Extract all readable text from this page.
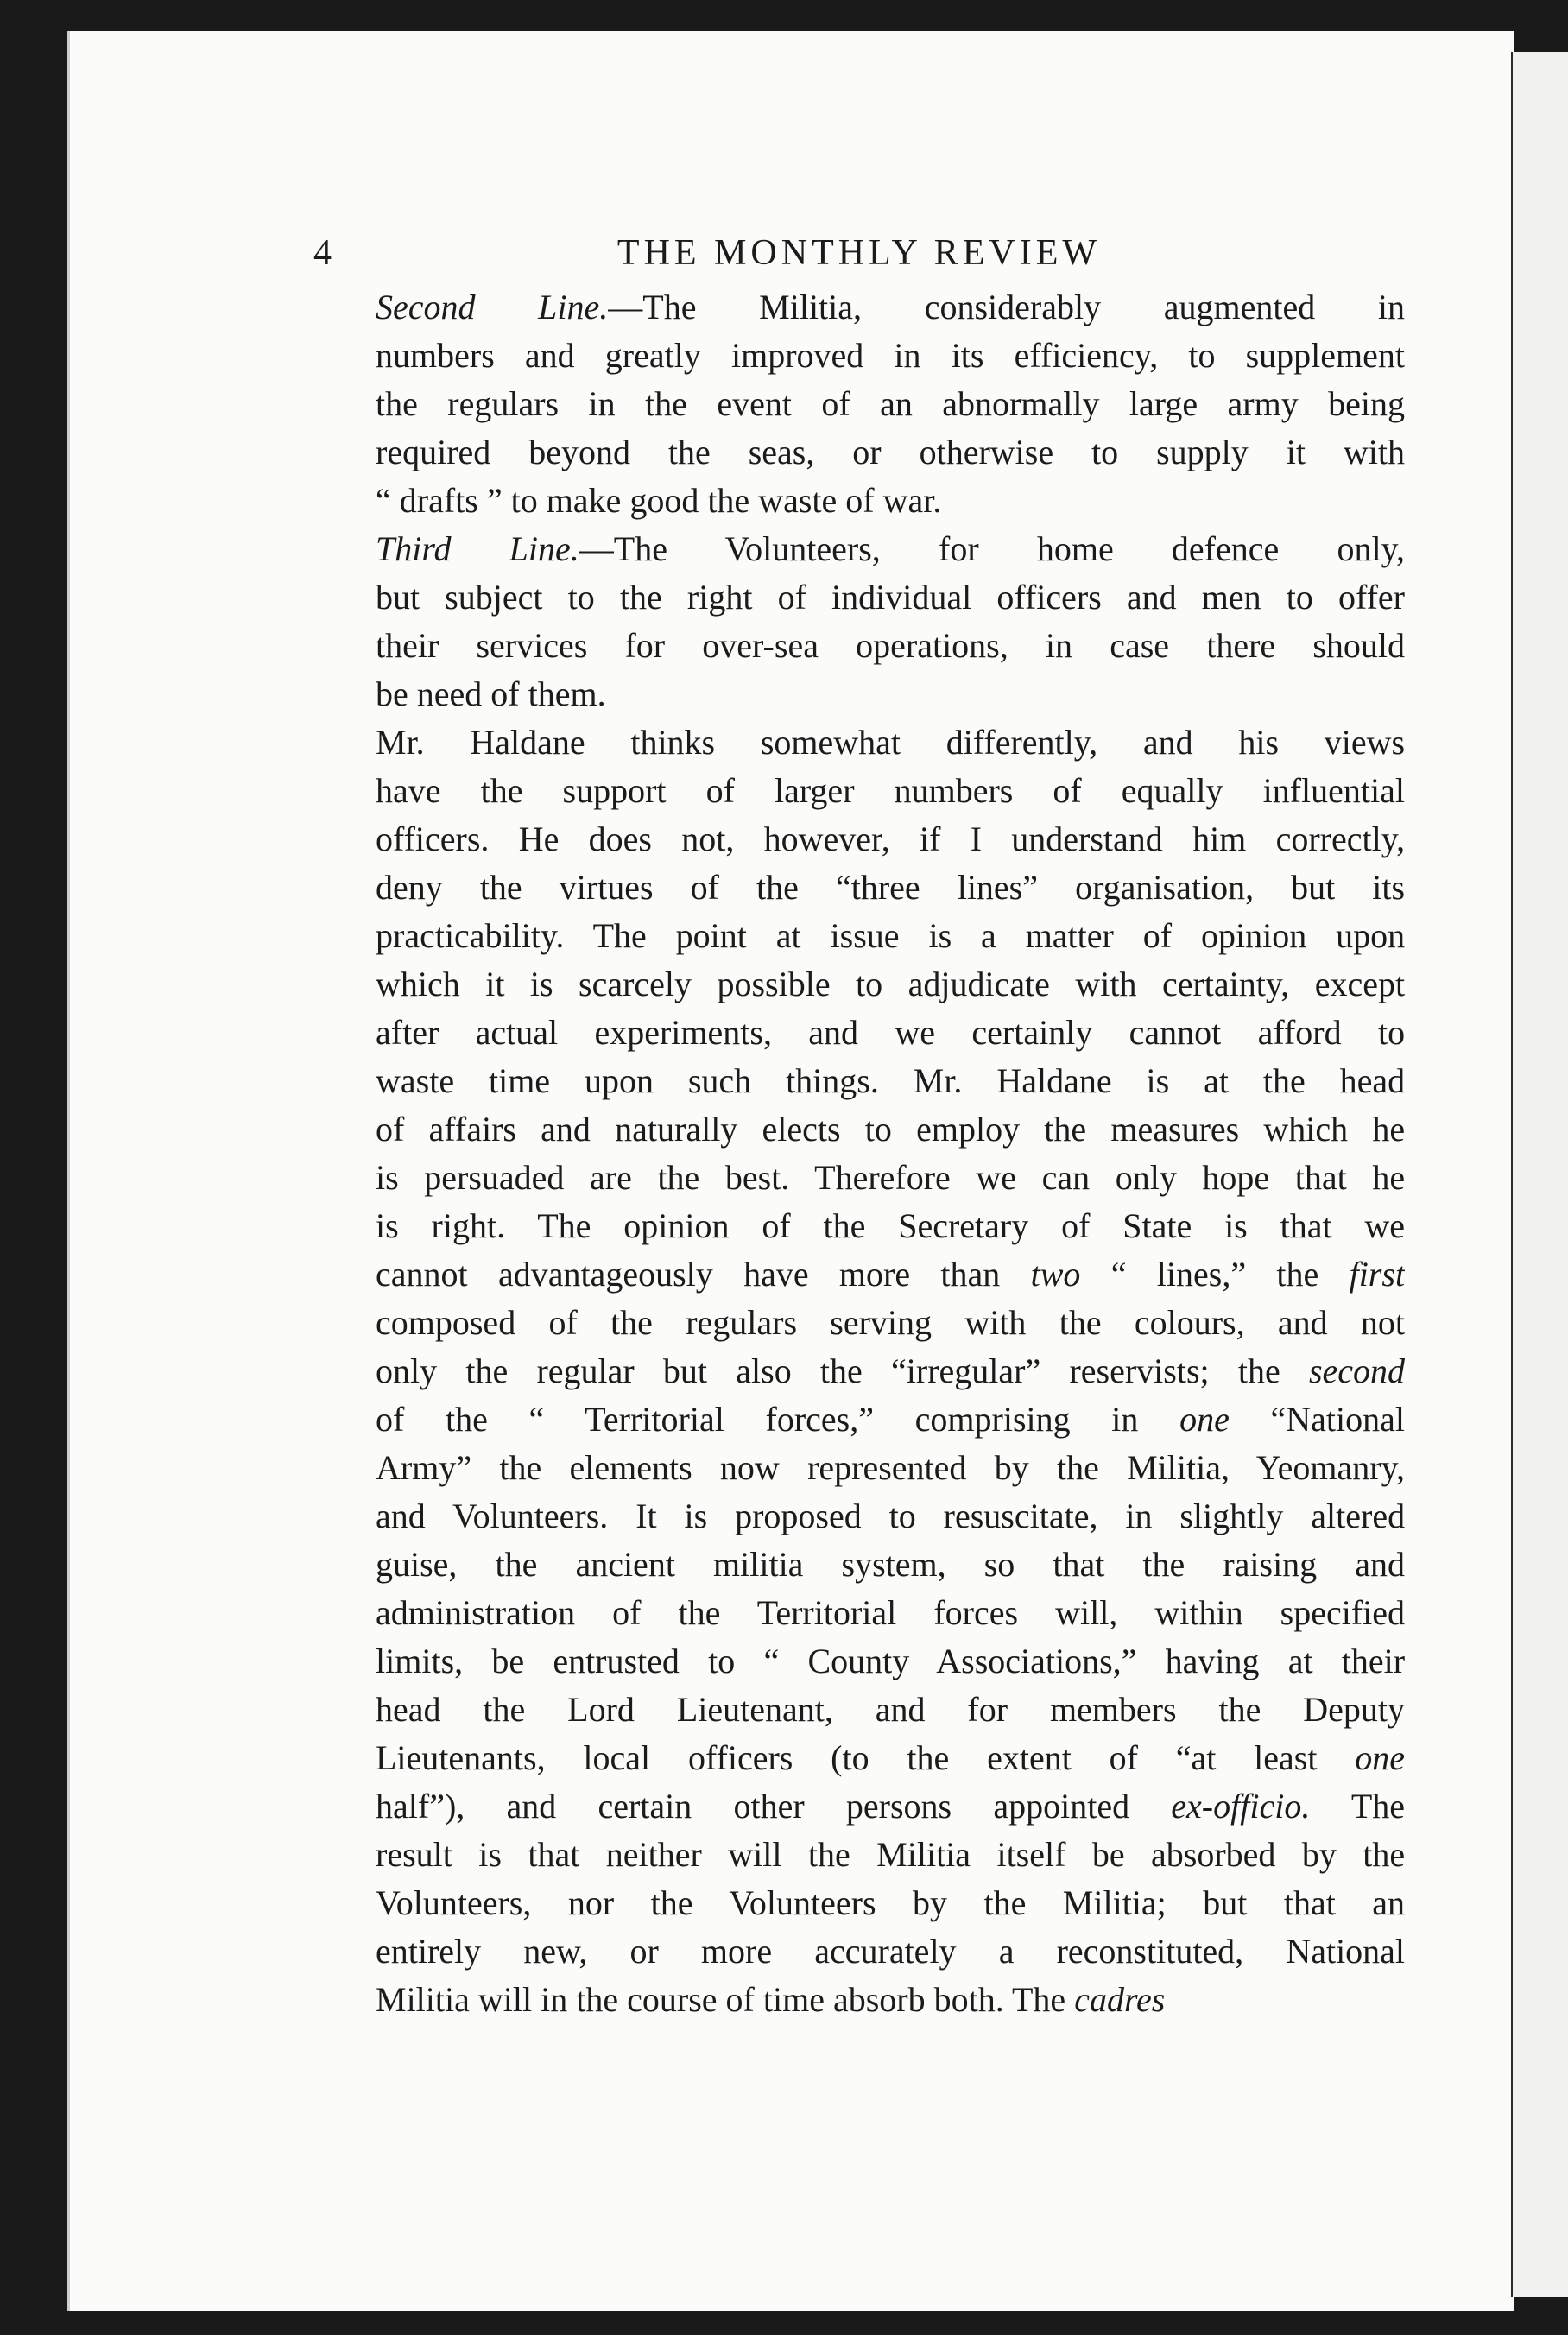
4	THE MONTHLY REVIEW
Second Line.—The Militia, considerably augmented in
numbers and greatly improved in its efficiency, to supplement
the regulars in the event of an abnormally large army being
required beyond the seas, or otherwise to supply it with
“ drafts ” to make good the waste of war.
Third Line.—The Volunteers, for home defence only,
but subject to the right of individual officers and men to offer
their services for over-sea operations, in case there should
be need of them.
Mr. Haldane thinks somewhat differently, and his views
have the support of larger numbers of equally influential
officers. He does not, however, if I understand him correctly,
deny the virtues of the “three lines” organisation, but its
practicability. The point at issue is a matter of opinion upon
which it is scarcely possible to adjudicate with certainty, except
after actual experiments, and we certainly cannot afford to
waste time upon such things. Mr. Haldane is at the head
of affairs and naturally elects to employ the measures which he
is persuaded are the best. Therefore we can only hope that he
is right. The opinion of the Secretary of State is that we
cannot advantageously have more than two “ lines,” the first
composed of the regulars serving with the colours, and not
only the regular but also the “irregular” reservists; the second
of the “ Territorial forces,” comprising in one “National
Army” the elements now represented by the Militia, Yeomanry,
and Volunteers. It is proposed to resuscitate, in slightly altered
guise, the ancient militia system, so that the raising and
administration of the Territorial forces will, within specified
limits, be entrusted to “ County Associations,” having at their
head the Lord Lieutenant, and for members the Deputy
Lieutenants, local officers (to the extent of “at least one
half”), and certain other persons appointed ex-officio. The
result is that neither will the Militia itself be absorbed by the
Volunteers, nor the Volunteers by the Militia; but that an
entirely new, or more accurately a reconstituted, National
Militia will in the course of time absorb both. The cadres
